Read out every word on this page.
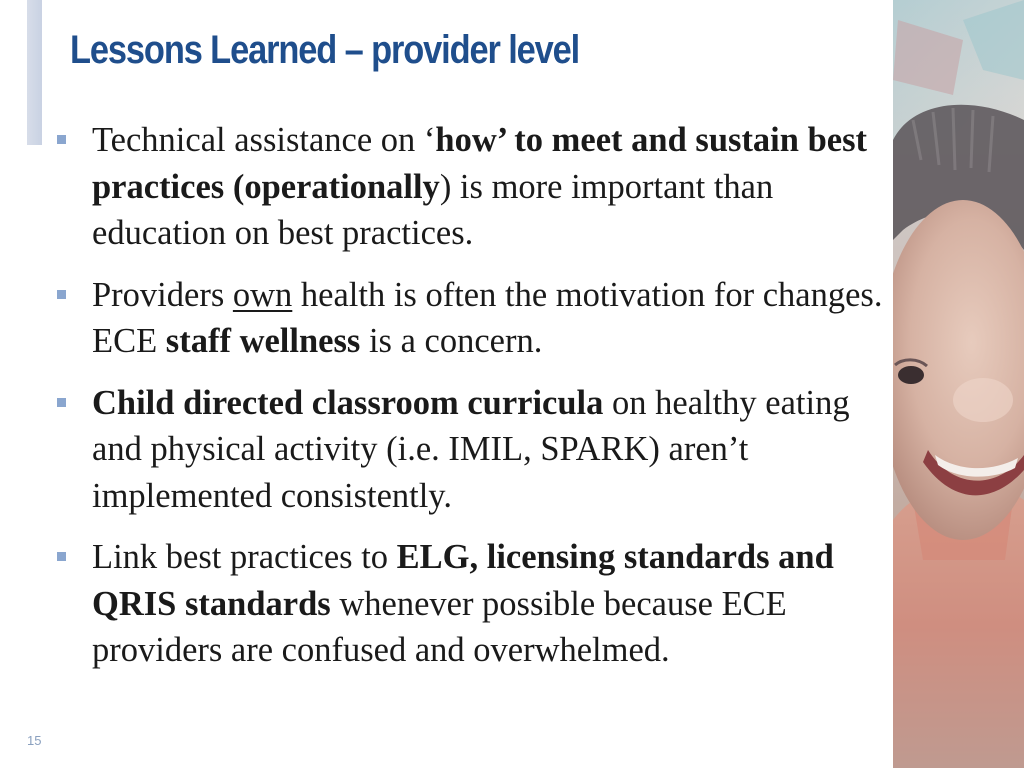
Lessons Learned – provider level
Technical assistance on ‘how’ to meet and sustain best practices (operationally) is more important than education on best practices.
Providers own health is often the motivation for changes. ECE staff wellness is a concern.
Child directed classroom curricula on healthy eating and physical activity (i.e. IMIL, SPARK) aren’t implemented consistently.
Link best practices to ELG, licensing standards and QRIS standards whenever possible because ECE providers are confused and overwhelmed.
15
